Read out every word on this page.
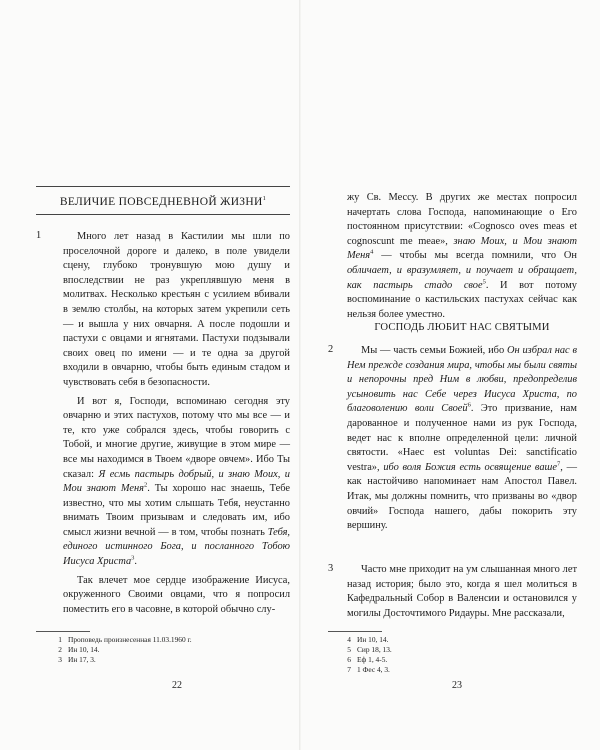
ВЕЛИЧИЕ ПОВСЕДНЕВНОЙ ЖИЗНИ$^1$
1	Много лет назад в Кастилии мы шли по проселочной дороге и далеко, в поле увидели сцену, глубоко тронувшую мою душу и впоследствии не раз укреплявшую меня в молитвах. Несколько крестьян с усилием вбивали в землю столбы, на которых затем укрепили сеть — и вышла у них овчарня. А после подошли и пастухи с овцами и ягнятами. Пастухи подзывали своих овец по имени — и те одна за другой входили в овчарню, чтобы быть единым стадом и чувствовать себя в безопасности.

И вот я, Господи, вспоминаю сегодня эту овчарню и этих пастухов, потому что мы все — и те, кто уже собрался здесь, чтобы говорить с Тобой, и многие другие, живущие в этом мире — все мы находимся в Твоем «дворе овчем». Ибо Ты сказал: Я есмь пастырь добрый, и знаю Моих, и Мои знают Меня$^2$. Ты хорошо нас знаешь, Тебе известно, что мы хотим слышать Тебя, неустанно внимать Твоим призывам и следовать им, ибо смысл жизни вечной — в том, чтобы познать Тебя, единого истинного Бога, и посланного Тобою Иисуса Христа$^3$.

Так влечет мое сердце изображение Иисуса, окруженного Своими овцами, что я попросил поместить его в часовне, в которой обычно слу-

1 Проповедь произнесенная 11.03.1960 г.
2 Ин 10, 14.
3 Ин 17, 3.
22

жу Св. Мессу. В других же местах попросил начертать слова Господа, напоминающие о Его постоянном присутствии: «Cognosco oves meas et cognoscunt me meae», знаю Моих, и Мои знают Меня$^4$ — чтобы мы всегда помнили, что Он обличает, и вразумляет, и поучает и обращает, как пастырь стадо свое$^5$. И вот потому воспоминание о кастильских пастухах сейчас как нельзя более уместно.

ГОСПОДЬ ЛЮБИТ НАС СВЯТЫМИ
2	Мы — часть семьи Божией, ибо Он избрал нас в Нем прежде создания мира, чтобы мы были святы и непорочны пред Ним в любви, предопределив усыновить нас Себе через Иисуса Христа, по благоволению воли Своей$^6$. Это призвание, нам дарованное и полученное нами из рук Господа, ведет нас к вполне определенной цели: личной святости. «Haec est voluntas Dei: sanctificatio vestra», ибо воля Божия есть освящение ваше$^7$, — как настойчиво напоминает нам Апостол Павел. Итак, мы должны помнить, что призваны во «двор овчий» Господа нашего, дабы покорить эту вершину.

3	Часто мне приходит на ум слышанная много лет назад история; было это, когда я шел молиться в Кафедральный Собор в Валенсии и остановился у могилы Досточтимого Ридауры. Мне рассказали,

4 Ин 10, 14.
5 Сир 18, 13.
6 Еф 1, 4-5.
7 1 Фес 4, 3.
23
